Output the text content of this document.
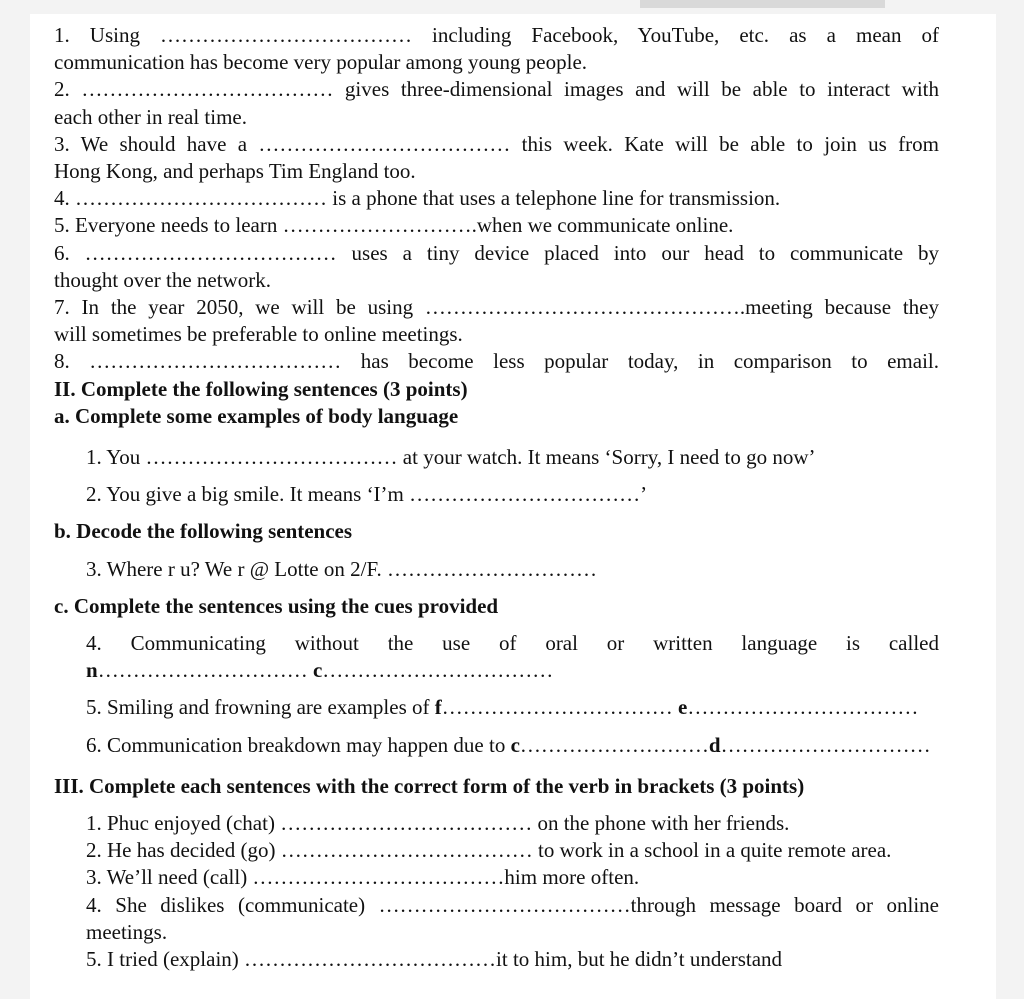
1. Using ……………………………… including Facebook, YouTube, etc. as a mean of

communication has become very popular among young people.

2. ……………………………… gives three-dimensional images and will be able to interact with

each other in real time.

3. We should have a ……………………………… this week. Kate will be able to join us from

Hong Kong, and perhaps Tim England too.

4. ……………………………… is a phone that uses a telephone line for transmission.

5. Everyone needs to learn ……………………….when we communicate online.

6. ……………………………… uses a tiny device placed into our head to communicate by

thought over the network.

7. In the year 2050, we will be using ……………………………………….meeting because they

will sometimes be preferable to online meetings.

8. ……………………………… has become less popular today, in comparison to email.

II. Complete the following sentences (3 points)

a. Complete some examples of body language

1. You ……………………………… at your watch. It means ‘Sorry, I need to go now’

2. You give a big smile. It means ‘I’m ……………………………’

b. Decode the following sentences

3. Where r u? We r @ Lotte on 2/F. …………………………

c. Complete the sentences using the cues provided

4. Communicating without the use of oral or written language is called

n………………………… c……………………………

5. Smiling and frowning are examples of f…………………………… e……………………………

6. Communication breakdown may happen due to c………………………d…………………………

III. Complete each sentences with the correct form of the verb in brackets (3 points)

1. Phuc enjoyed (chat) ……………………………… on the phone with her friends.

2. He has decided (go) ……………………………… to work in a school in a quite remote area.

3. We’ll need (call) ………………………………him more often.

4. She dislikes (communicate) ………………………………through message board or online

meetings.

5. I tried (explain) ………………………………it to him, but he didn’t understand
